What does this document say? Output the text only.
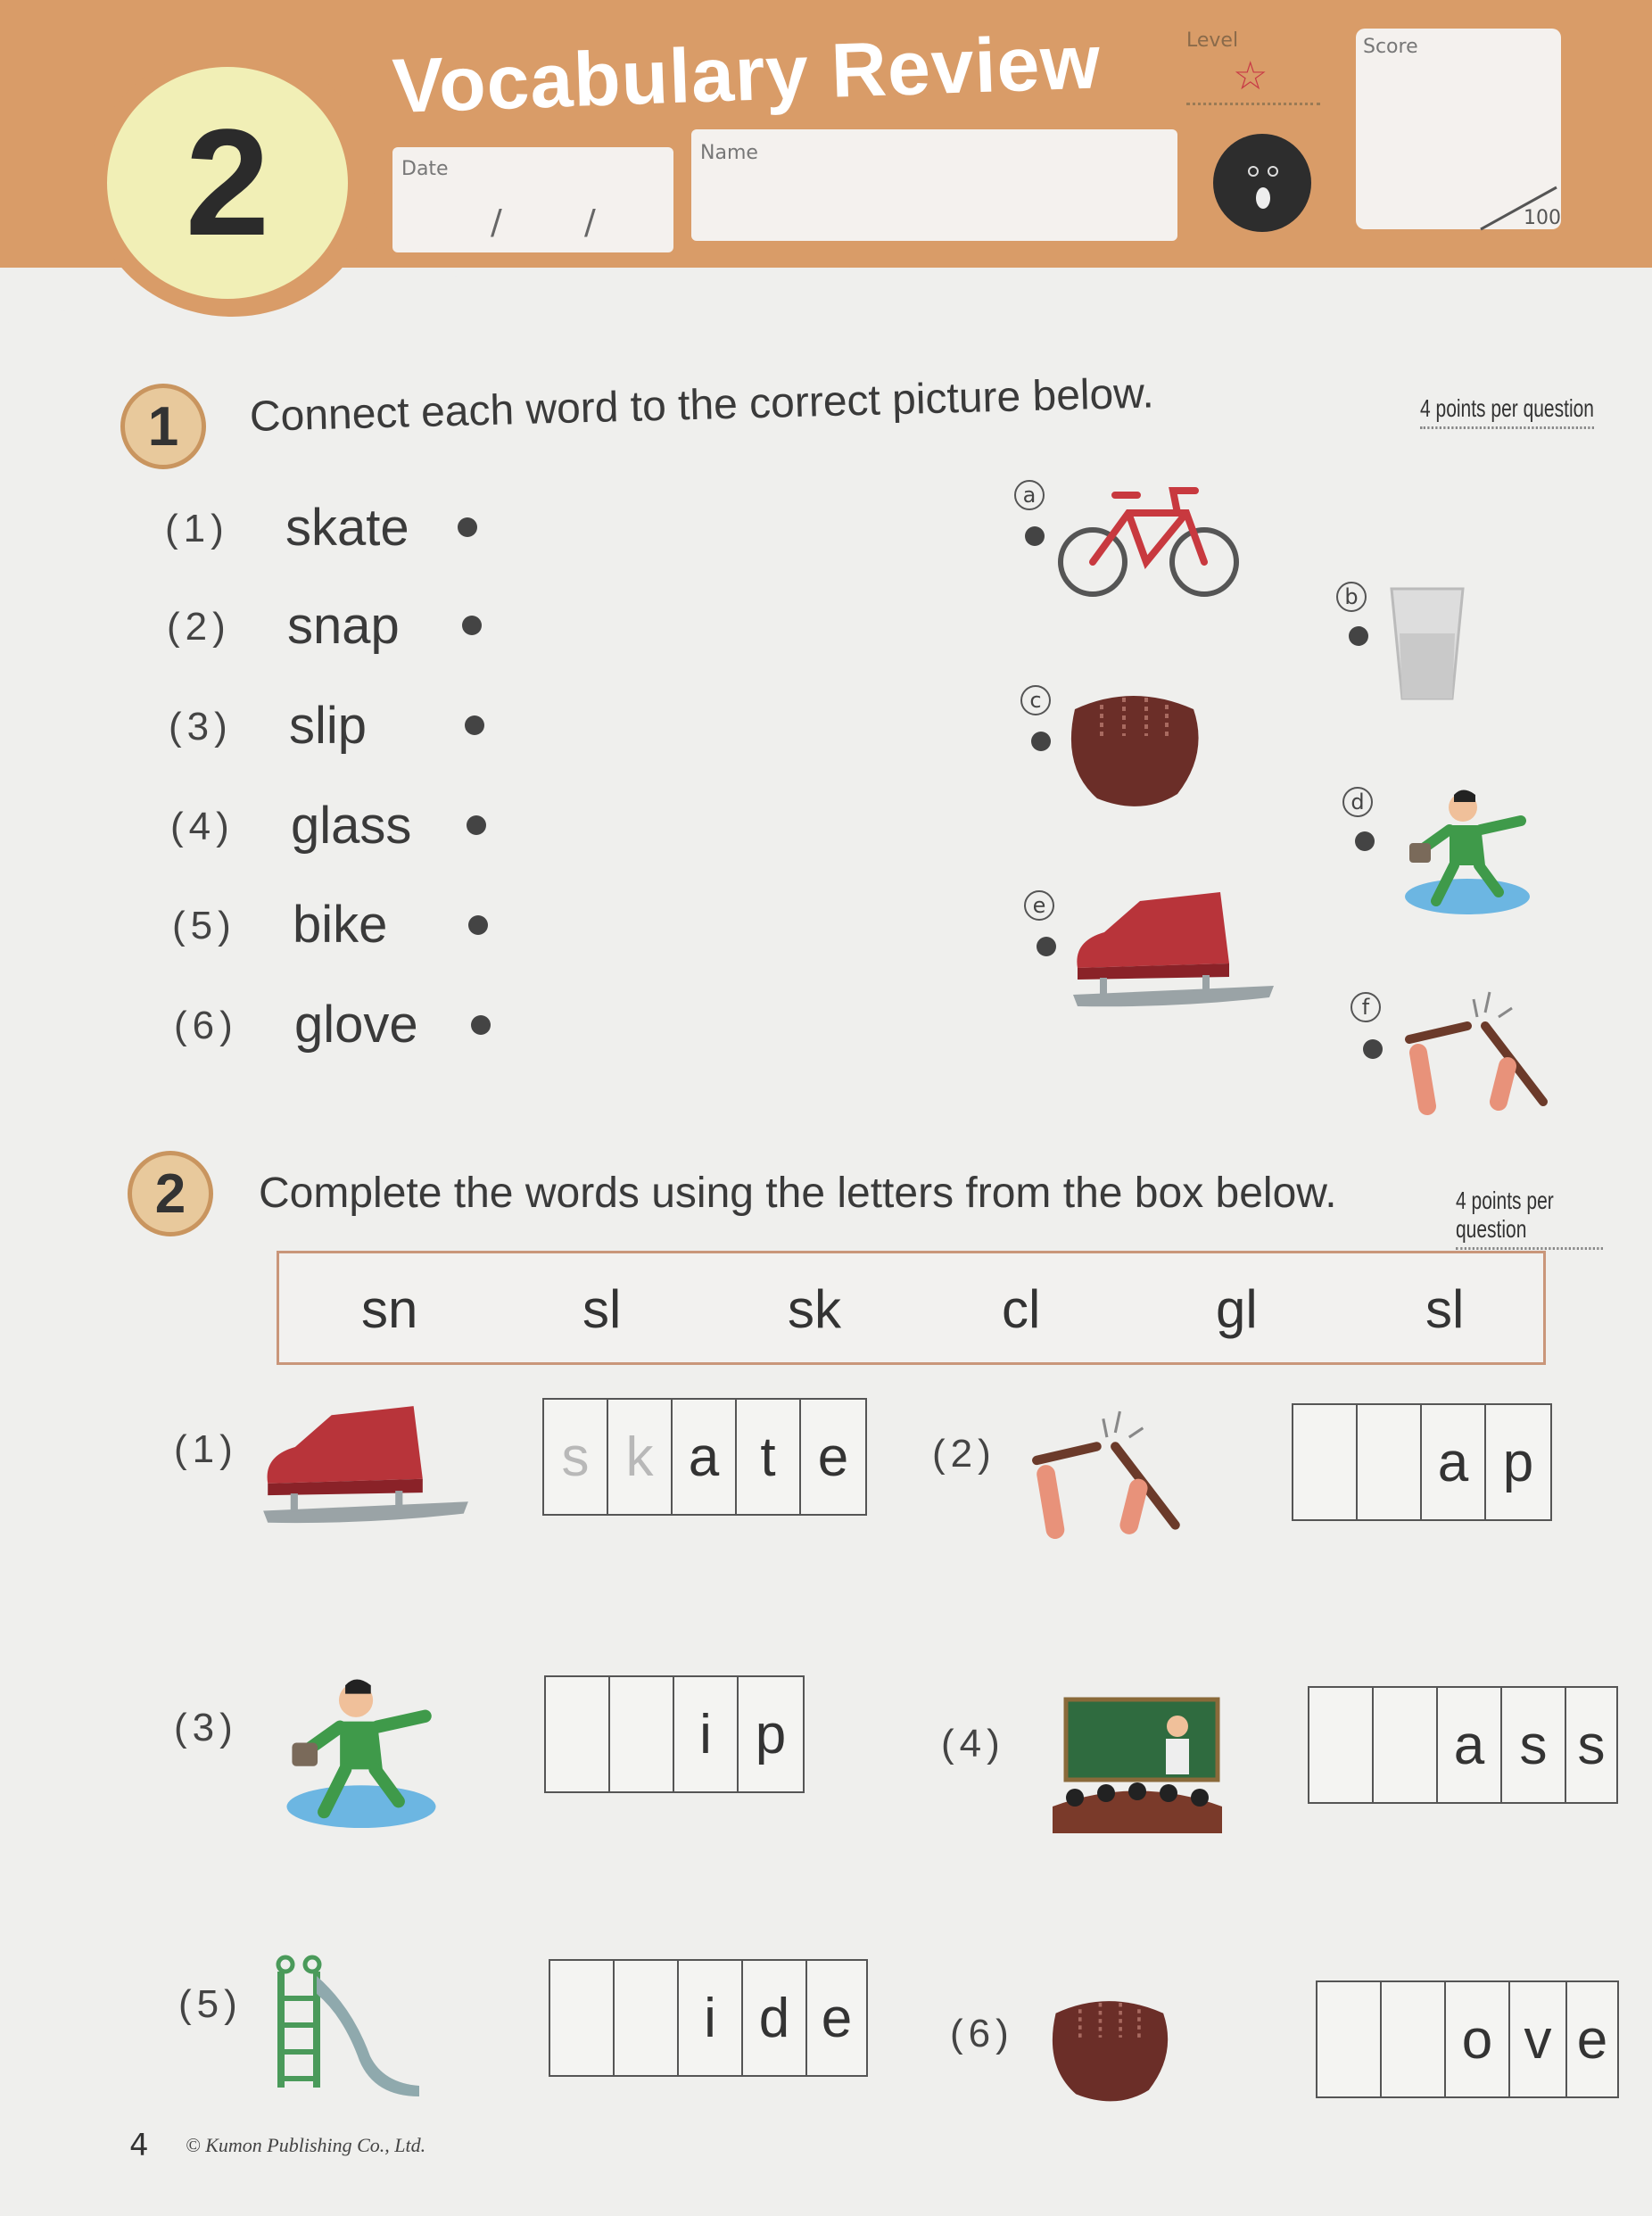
2
Vocabulary Review
Date
/ /
Name
Level
☆
Score
100
1	Connect each word to the correct picture below.	4 points per question
(1) skate
(2) snap
(3) slip
(4) glass
(5) bike
(6) glove
a
b
c
d
e
f
2	Complete the words using the letters from the box below.	4 points per question
sn	sl	sk	cl	gl	sl
(1)	s k a t e	(2)	a p
(3)	i p	(4)	a s s
(5)	i d e	(6)	o v e
4 © Kumon Publishing Co., Ltd.
